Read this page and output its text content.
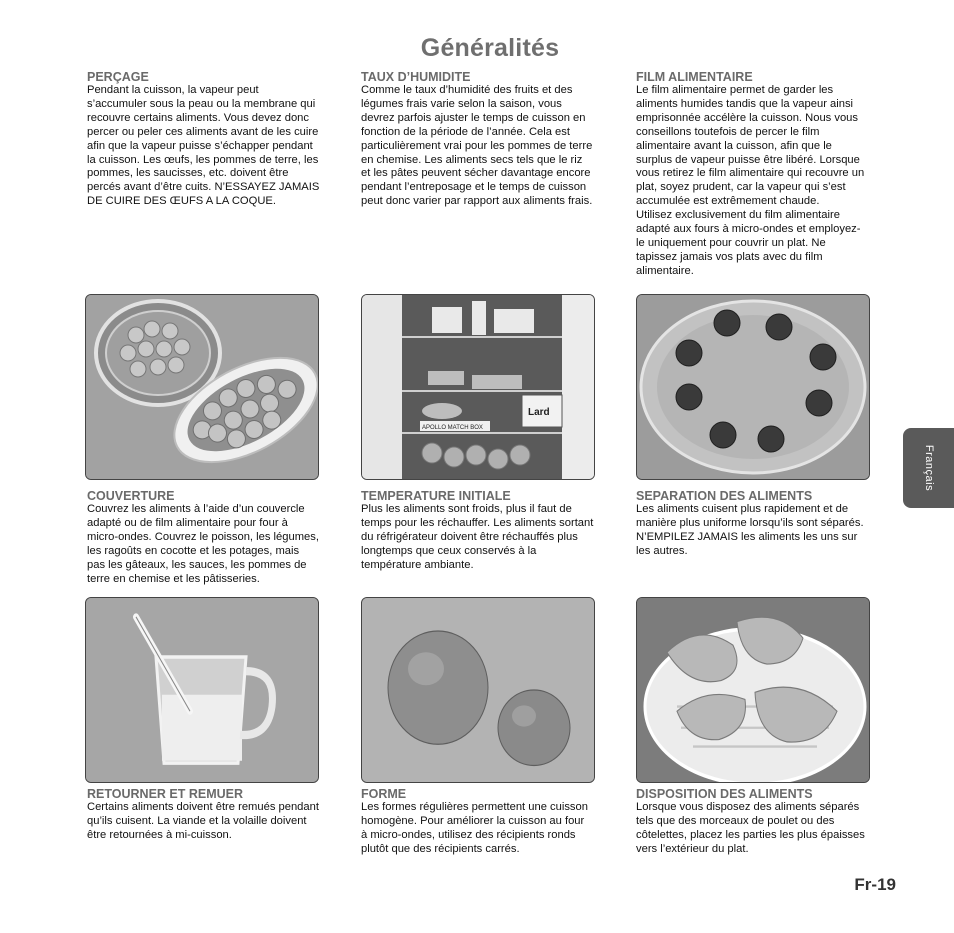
Généralités
PERÇAGE

Pendant la cuisson, la vapeur peut
s’accumuler sous la peau ou la membrane qui
recouvre certains aliments. Vous devez donc
percer ou peler ces aliments avant de les cuire
afin que la vapeur puisse s’échapper pendant
la cuisson. Les œufs, les pommes de terre, les
pommes, les saucisses, etc. doivent être
percés avant d’être cuits. N’ESSAYEZ JAMAIS
DE CUIRE DES ŒUFS A LA COQUE.

TAUX D’HUMIDITE

Comme le taux d’humidité des fruits et des
légumes frais varie selon la saison, vous
devrez parfois ajuster le temps de cuisson en
fonction de la période de l’année. Cela est
particulièrement vrai pour les pommes de terre
en chemise. Les aliments secs tels que le riz
et les pâtes peuvent sécher davantage encore
pendant l’entreposage et le temps de cuisson
peut donc varier par rapport aux aliments frais.

FILM ALIMENTAIRE

Le film alimentaire permet de garder les
aliments humides tandis que la vapeur ainsi
emprisonnée accélère la cuisson. Nous vous
conseillons toutefois de percer le film
alimentaire avant la cuisson, afin que le
surplus de vapeur puisse être libéré. Lorsque
vous retirez le film alimentaire qui recouvre un
plat, soyez prudent, car la vapeur qui s’est
accumulée est extrêmement chaude.
Utilisez exclusivement du film alimentaire
adapté aux fours à micro-ondes et employez-
le uniquement pour couvrir un plat. Ne
tapissez jamais vos plats avec du film
alimentaire.

Lard
APOLLO MATCH BOX
COUVERTURE

Couvrez les aliments à l’aide d’un couvercle
adapté ou de film alimentaire pour four à
micro-ondes. Couvrez le poisson, les légumes,
les ragoûts en cocotte et les potages, mais
pas les gâteaux, les sauces, les pommes de
terre en chemise et les pâtisseries.

TEMPERATURE INITIALE

Plus les aliments sont froids, plus il faut de
temps pour les réchauffer. Les aliments sortant
du réfrigérateur doivent être réchauffés plus
longtemps que ceux conservés à la
température ambiante.

SEPARATION DES ALIMENTS

Les aliments cuisent plus rapidement et de
manière plus uniforme lorsqu’ils sont séparés.
N’EMPILEZ JAMAIS les aliments les uns sur
les autres.

RETOURNER ET REMUER

Certains aliments doivent être remués pendant
qu’ils cuisent. La viande et la volaille doivent
être retournées à mi-cuisson.

FORME

Les formes régulières permettent une cuisson
homogène. Pour améliorer la cuisson au four
à micro-ondes, utilisez des récipients ronds
plutôt que des récipients carrés.

DISPOSITION DES ALIMENTS

Lorsque vous disposez des aliments séparés
tels que des morceaux de poulet ou des
côtelettes, placez les parties les plus épaisses
vers l’extérieur du plat.

Français
Fr-19
